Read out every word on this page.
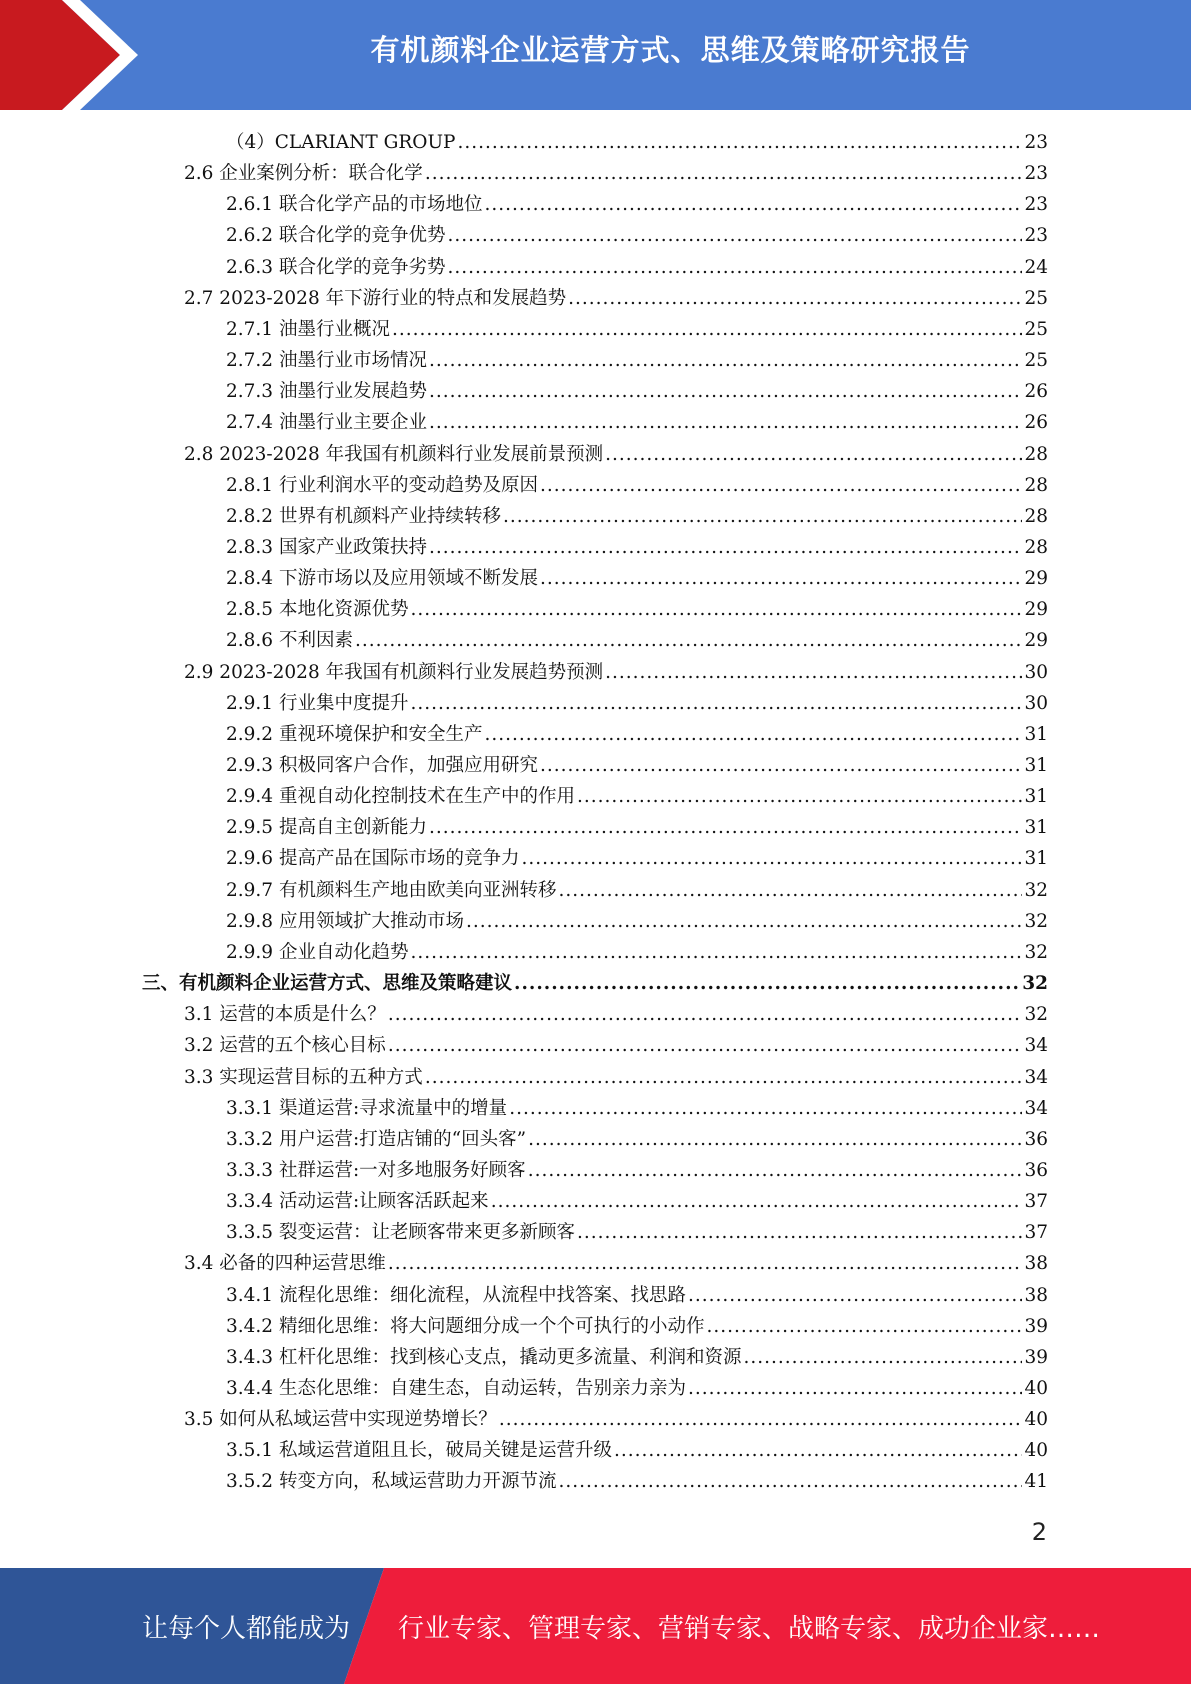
有机颜料企业运营方式、思维及策略研究报告
（4）CLARIANT GROUP .....	23
2.6 企业案例分析：联合化学 .....	23
2.6.1 联合化学产品的市场地位 .....	23
2.6.2 联合化学的竞争优势 .....	23
2.6.3 联合化学的竞争劣势 .....	24
2.7 2023-2028 年下游行业的特点和发展趋势 .....	25
2.7.1 油墨行业概况 .....	25
2.7.2 油墨行业市场情况 .....	25
2.7.3 油墨行业发展趋势 .....	26
2.7.4 油墨行业主要企业 .....	26
2.8 2023-2028 年我国有机颜料行业发展前景预测 .....	28
2.8.1 行业利润水平的变动趋势及原因 .....	28
2.8.2 世界有机颜料产业持续转移 .....	28
2.8.3 国家产业政策扶持 .....	28
2.8.4 下游市场以及应用领域不断发展 .....	29
2.8.5 本地化资源优势 .....	29
2.8.6 不利因素 .....	29
2.9 2023-2028 年我国有机颜料行业发展趋势预测 .....	30
2.9.1 行业集中度提升 .....	30
2.9.2 重视环境保护和安全生产 .....	31
2.9.3 积极同客户合作，加强应用研究 .....	31
2.9.4 重视自动化控制技术在生产中的作用 .....	31
2.9.5 提高自主创新能力 .....	31
2.9.6 提高产品在国际市场的竞争力 .....	31
2.9.7 有机颜料生产地由欧美向亚洲转移 .....	32
2.9.8 应用领域扩大推动市场 .....	32
2.9.9 企业自动化趋势 .....	32
三、有机颜料企业运营方式、思维及策略建议 .....	32
3.1 运营的本质是什么？ .....	32
3.2 运营的五个核心目标 .....	34
3.3 实现运营目标的五种方式 .....	34
3.3.1 渠道运营:寻求流量中的增量 .....	34
3.3.2 用户运营:打造店铺的“回头客” .....	36
3.3.3 社群运营:一对多地服务好顾客 .....	36
3.3.4 活动运营:让顾客活跃起来 .....	37
3.3.5 裂变运营：让老顾客带来更多新顾客 .....	37
3.4 必备的四种运营思维 .....	38
3.4.1 流程化思维：细化流程，从流程中找答案、找思路 .....	38
3.4.2 精细化思维：将大问题细分成一个个可执行的小动作 .....	39
3.4.3 杠杆化思维：找到核心支点，撬动更多流量、利润和资源 .....	39
3.4.4 生态化思维：自建生态，自动运转，告别亲力亲为 .....	40
3.5 如何从私域运营中实现逆势增长？ .....	40
3.5.1 私域运营道阻且长，破局关键是运营升级 .....	40
3.5.2 转变方向，私域运营助力开源节流 .....	41
2
让每个人都能成为 行业专家、管理专家、营销专家、战略专家、成功企业家……
